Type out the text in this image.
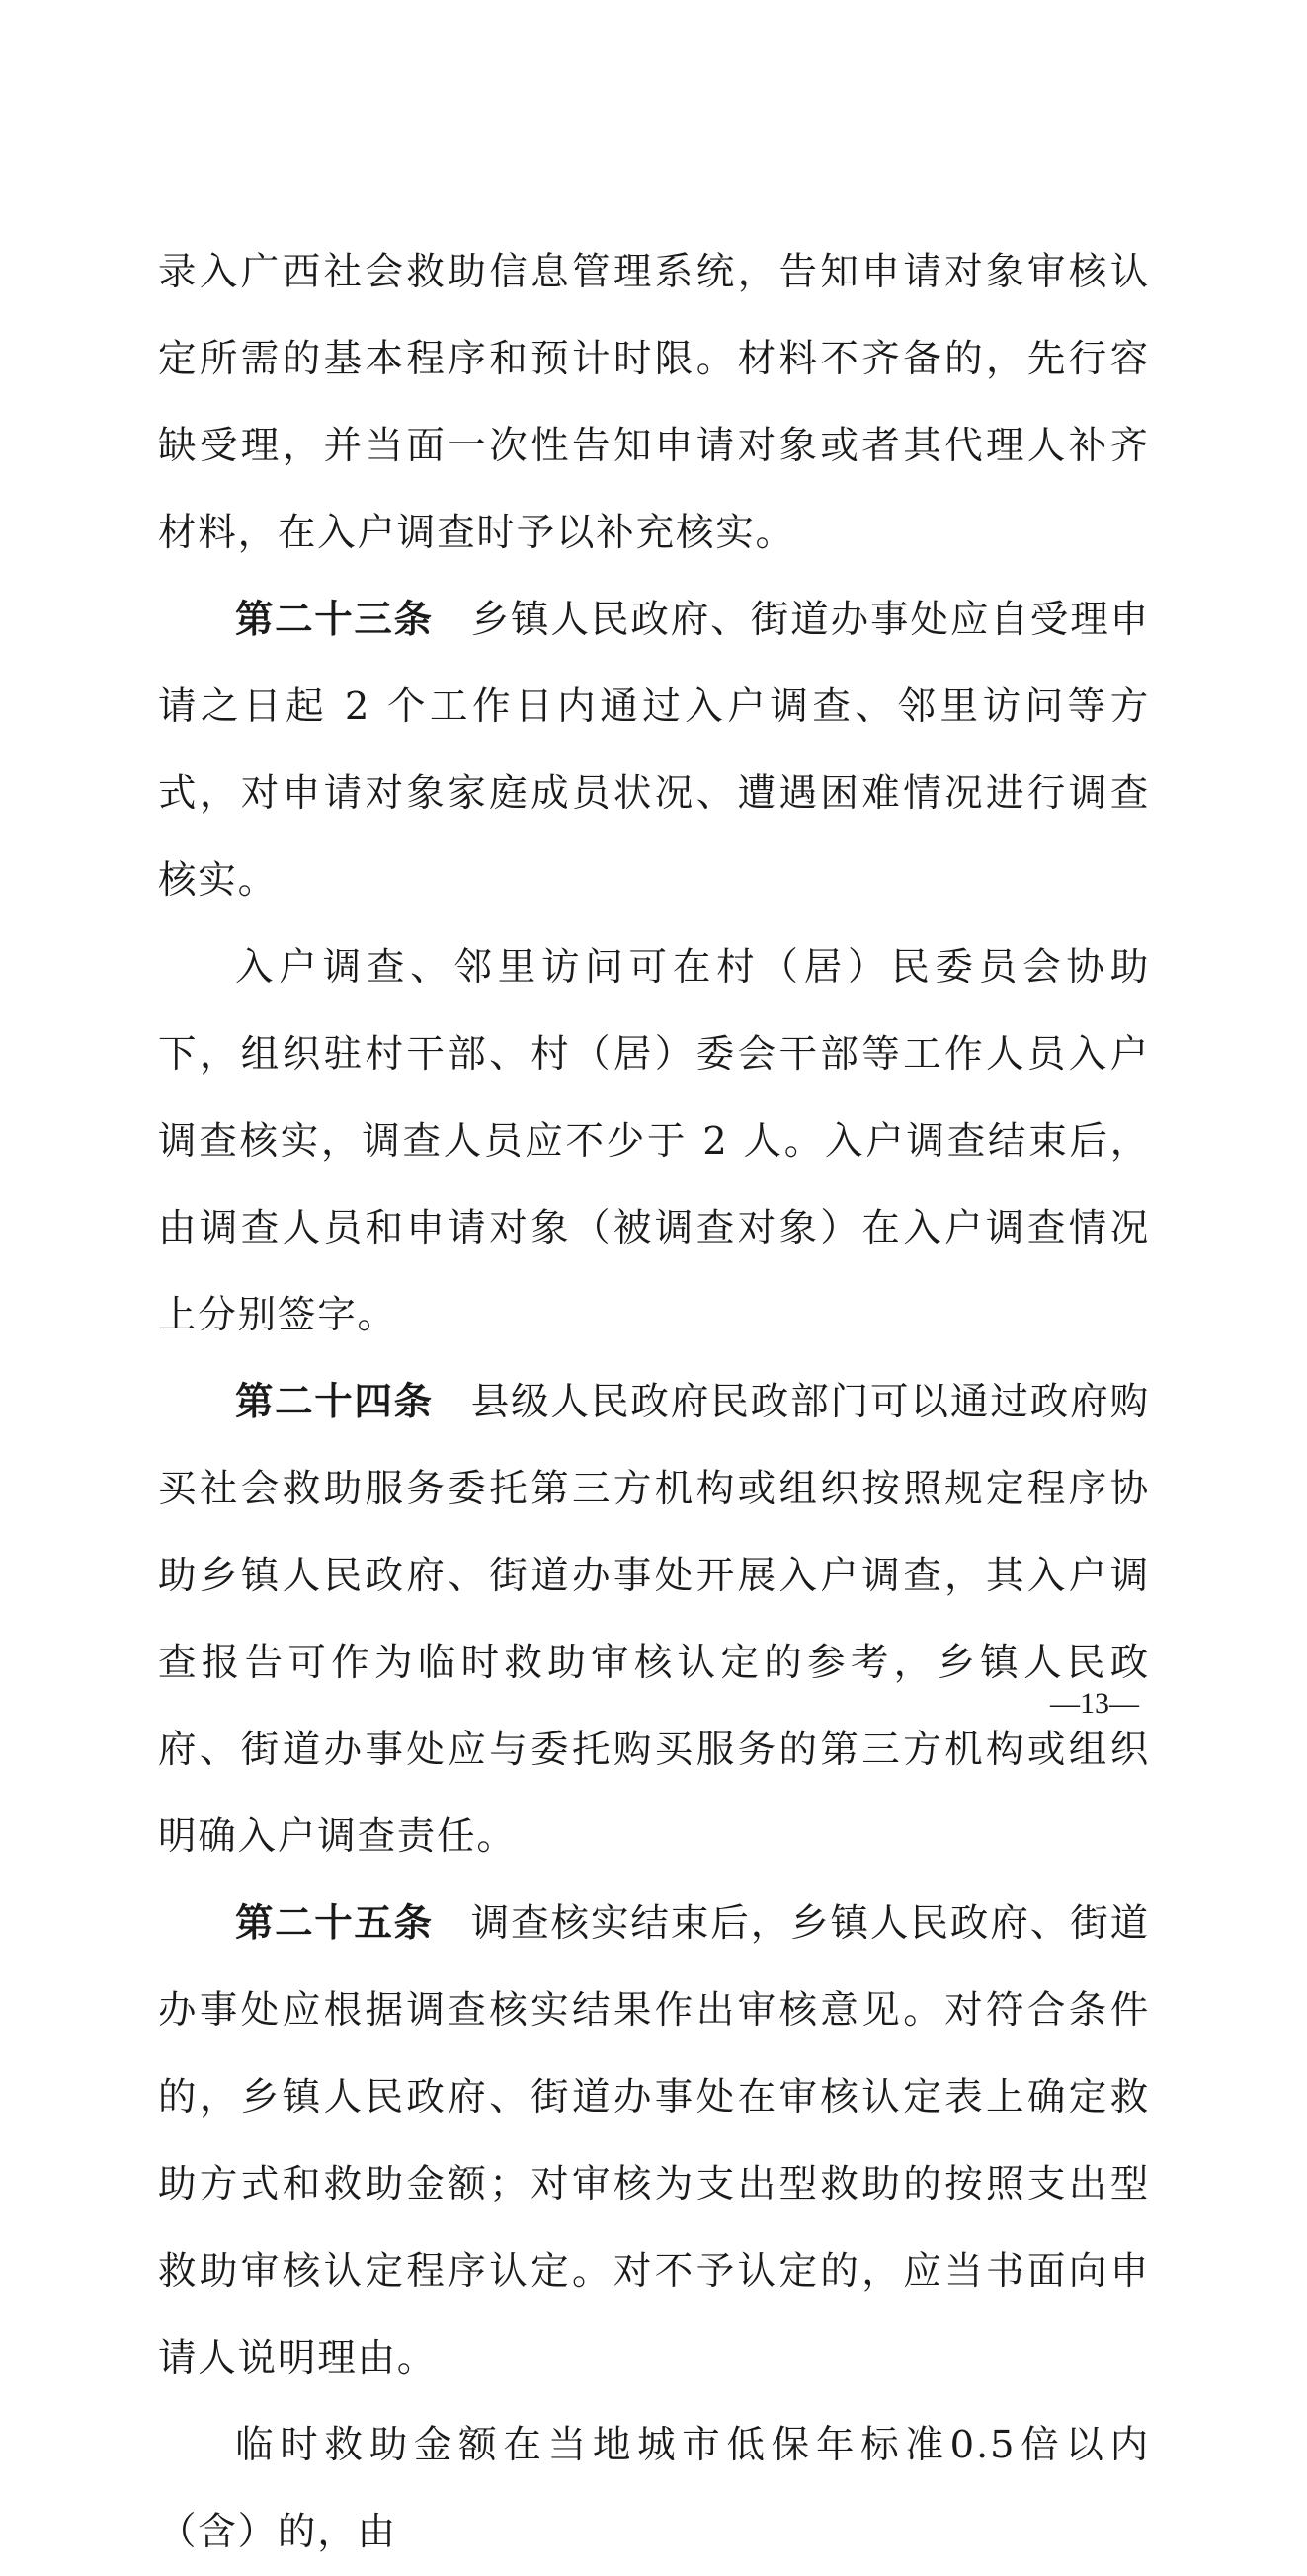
录入广西社会救助信息管理系统，告知申请对象审核认定所需的基本程序和预计时限。材料不齐备的，先行容缺受理，并当面一次性告知申请对象或者其代理人补齐材料，在入户调查时予以补充核实。

第二十三条 乡镇人民政府、街道办事处应自受理申请之日起 2 个工作日内通过入户调查、邻里访问等方式，对申请对象家庭成员状况、遭遇困难情况进行调查核实。

入户调查、邻里访问可在村（居）民委员会协助下，组织驻村干部、村（居）委会干部等工作人员入户调查核实，调查人员应不少于 2 人。入户调查结束后，由调查人员和申请对象（被调查对象）在入户调查情况上分别签字。

第二十四条 县级人民政府民政部门可以通过政府购买社会救助服务委托第三方机构或组织按照规定程序协助乡镇人民政府、街道办事处开展入户调查，其入户调查报告可作为临时救助审核认定的参考，乡镇人民政府、街道办事处应与委托购买服务的第三方机构或组织明确入户调查责任。

第二十五条 调查核实结束后，乡镇人民政府、街道办事处应根据调查核实结果作出审核意见。对符合条件的，乡镇人民政府、街道办事处在审核认定表上确定救助方式和救助金额；对审核为支出型救助的按照支出型救助审核认定程序认定。对不予认定的，应当书面向申请人说明理由。

临时救助金额在当地城市低保年标准0.5倍以内（含）的，由

—13—
